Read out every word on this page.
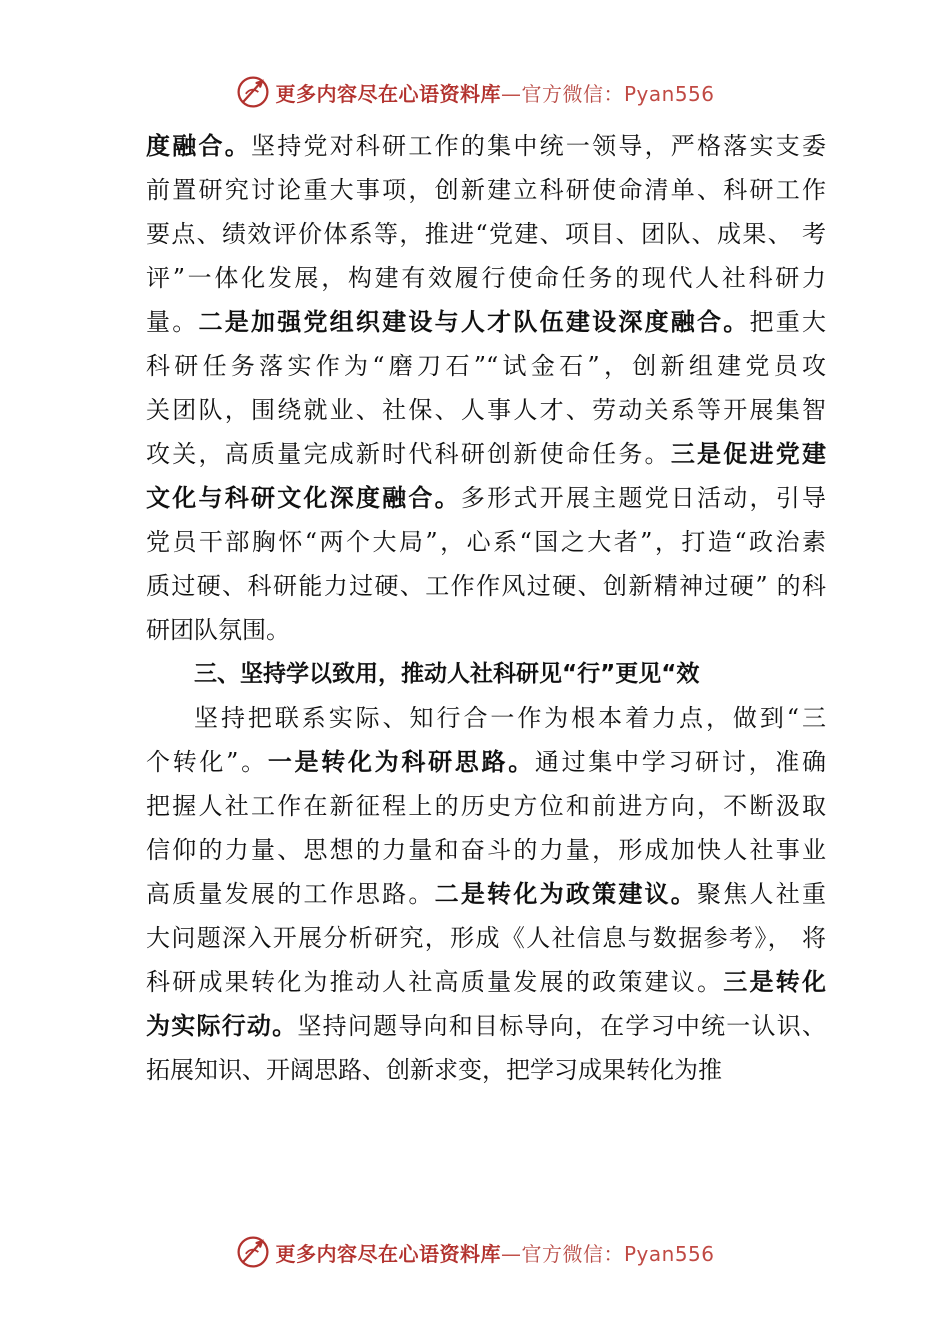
更多内容尽在心语资料库—官方微信：Pyan556
度融合。坚持党对科研工作的集中统一领导，严格落实支委
前置研究讨论重大事项，创新建立科研使命清单、科研工作
要点、绩效评价体系等，推进“党建、项目、团队、成果、 考
评”一体化发展，构建有效履行使命任务的现代人社科研力
量。二是加强党组织建设与人才队伍建设深度融合。把重大
科研任务落实作为“磨刀石”“试金石”，创新组建党员攻
关团队，围绕就业、社保、人事人才、劳动关系等开展集智
攻关，高质量完成新时代科研创新使命任务。三是促进党建
文化与科研文化深度融合。多形式开展主题党日活动，引导
党员干部胸怀“两个大局”，心系“国之大者”，打造“政治素
质过硬、科研能力过硬、工作作风过硬、创新精神过硬” 的科
研团队氛围。
三、坚持学以致用，推动人社科研见“行”更见“效
坚持把联系实际、知行合一作为根本着力点，做到“三
个转化”。一是转化为科研思路。通过集中学习研讨，准确
把握人社工作在新征程上的历史方位和前进方向，不断汲取
信仰的力量、思想的力量和奋斗的力量，形成加快人社事业
高质量发展的工作思路。二是转化为政策建议。聚焦人社重
大问题深入开展分析研究，形成《人社信息与数据参考》， 将
科研成果转化为推动人社高质量发展的政策建议。三是转化
为实际行动。坚持问题导向和目标导向，在学习中统一认识、
拓展知识、开阔思路、创新求变，把学习成果转化为推
更多内容尽在心语资料库—官方微信：Pyan556
